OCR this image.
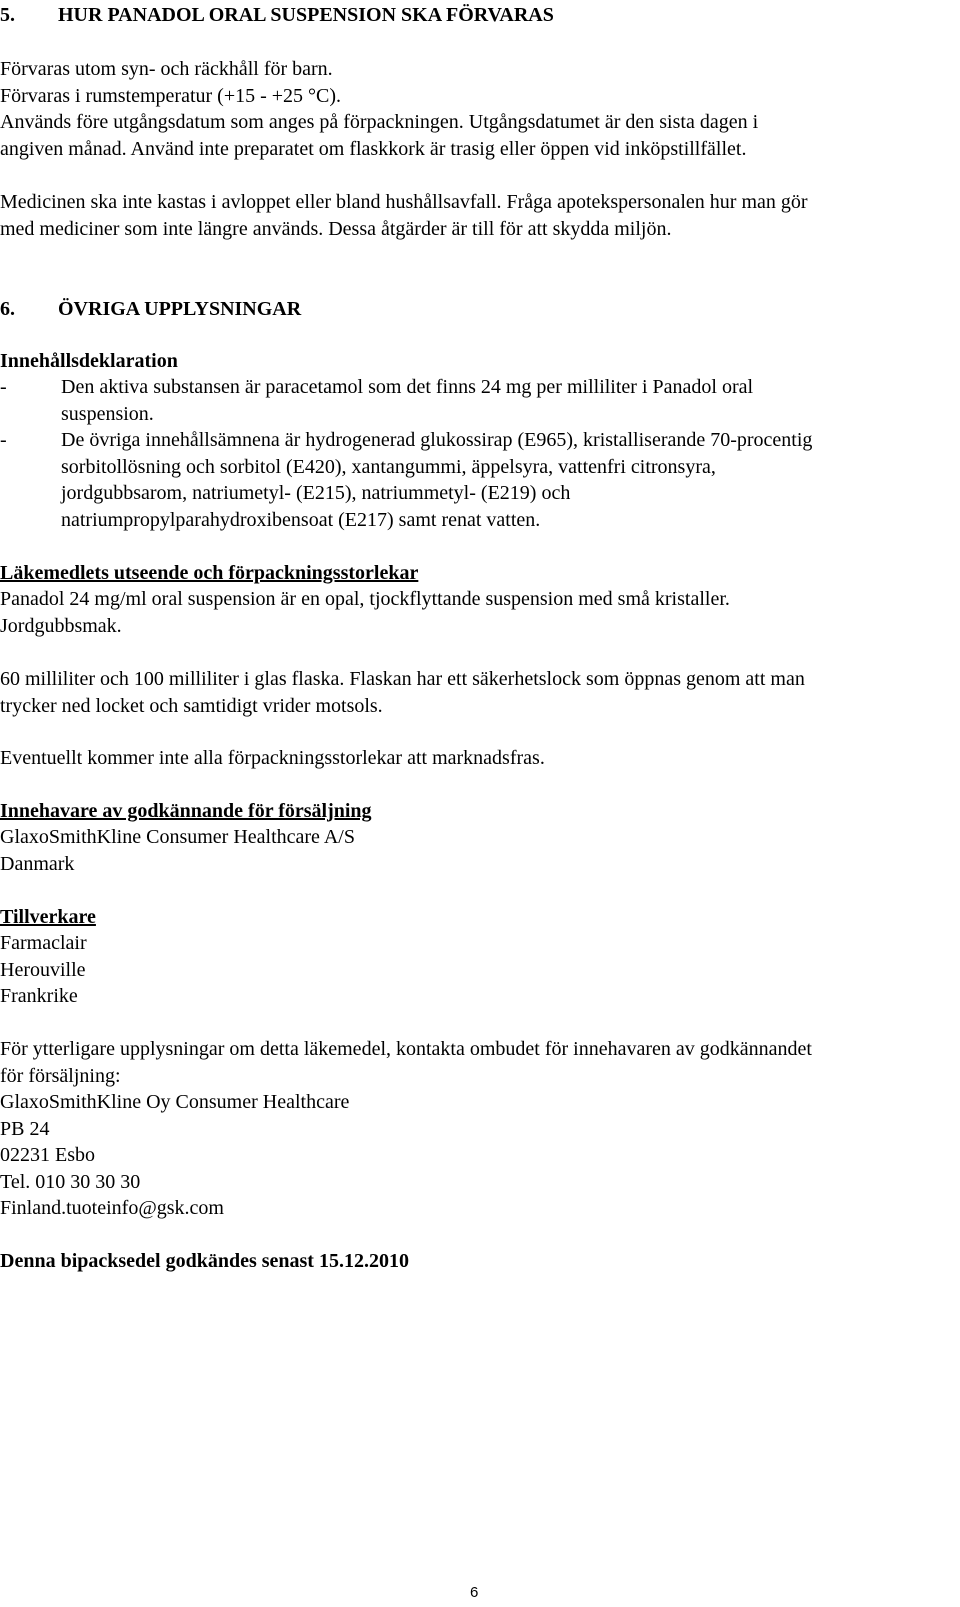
5. HUR PANADOL ORAL SUSPENSION SKA FÖRVARAS

Förvaras utom syn- och räckhåll för barn.

Förvaras i rumstemperatur (+15 - +25 °C).

Används före utgångsdatum som anges på förpackningen. Utgångsdatumet är den sista dagen i

angiven månad. Använd inte preparatet om flaskkork är trasig eller öppen vid inköpstillfället.

Medicinen ska inte kastas i avloppet eller bland hushållsavfall. Fråga apotekspersonalen hur man gör

med mediciner som inte längre används. Dessa åtgärder är till för att skydda miljön.

6. ÖVRIGA UPPLYSNINGAR

Innehållsdeklaration

-	Den aktiva substansen är paracetamol som det finns 24 mg per milliliter i Panadol oral

suspension.

-	De övriga innehållsämnena är hydrogenerad glukossirap (E965), kristalliserande 70-procentig

sorbitollösning och sorbitol (E420), xantangummi, äppelsyra, vattenfri citronsyra,

jordgubbsarom, natriumetyl- (E215), natriummetyl- (E219) och

natriumpropylparahydroxibensoat (E217) samt renat vatten.

Läkemedlets utseende och förpackningsstorlekar

Panadol 24 mg/ml oral suspension är en opal, tjockflyttande suspension med små kristaller.

Jordgubbsmak.

60 milliliter och 100 milliliter i glas flaska. Flaskan har ett säkerhetslock som öppnas genom att man

trycker ned locket och samtidigt vrider motsols.

Eventuellt kommer inte alla förpackningsstorlekar att marknadsfras.

Innehavare av godkännande för försäljning

GlaxoSmithKline Consumer Healthcare A/S

Danmark

Tillverkare

Farmaclair

Herouville

Frankrike

För ytterligare upplysningar om detta läkemedel, kontakta ombudet för innehavaren av godkännandet

för försäljning:

GlaxoSmithKline Oy Consumer Healthcare

PB 24

02231 Esbo

Tel. 010 30 30 30

Finland.tuoteinfo@gsk.com

Denna bipacksedel godkändes senast 15.12.2010

6
